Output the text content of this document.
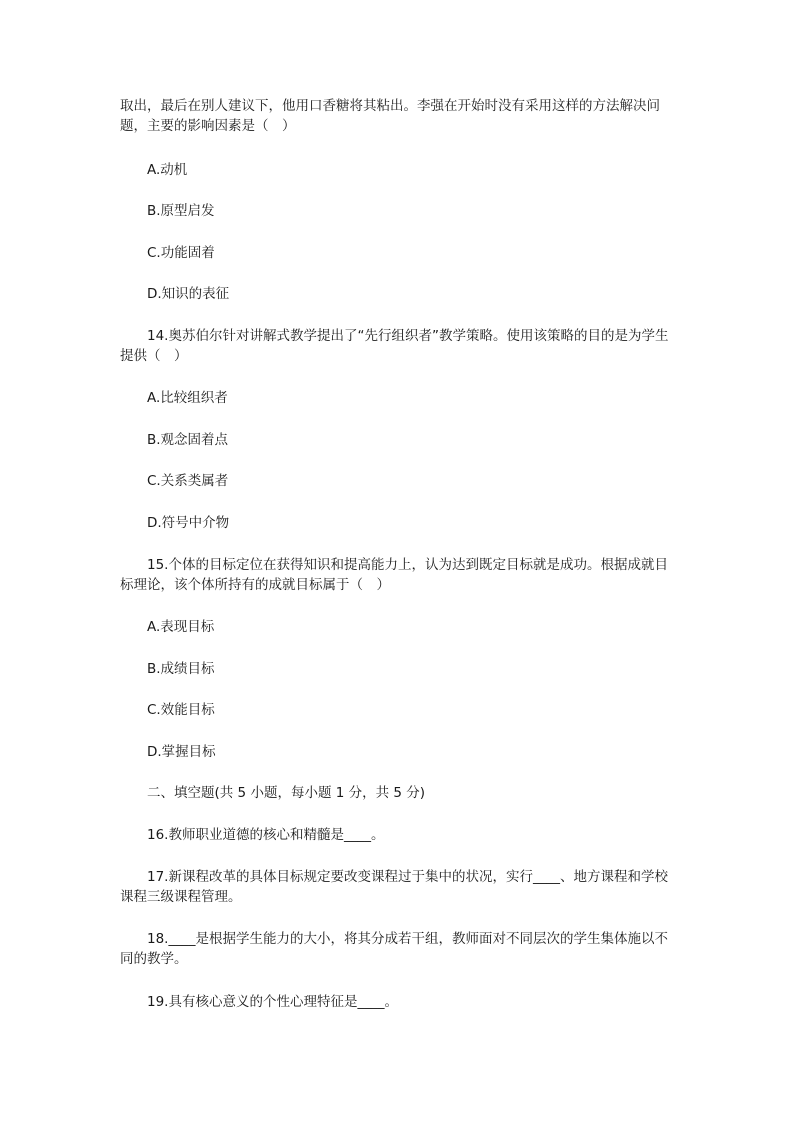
取出，最后在别人建议下，他用口香糖将其粘出。李强在开始时没有采用这样的方法解决问题，主要的影响因素是（　）

A.动机

B.原型启发

C.功能固着

D.知识的表征

14.奥苏伯尔针对讲解式教学提出了“先行组织者”教学策略。使用该策略的目的是为学生提供（　）

A.比较组织者

B.观念固着点

C.关系类属者

D.符号中介物

15.个体的目标定位在获得知识和提高能力上，认为达到既定目标就是成功。根据成就目标理论，该个体所持有的成就目标属于（　）

A.表现目标

B.成绩目标

C.效能目标

D.掌握目标

二、填空题(共 5 小题，每小题 1 分，共 5 分)

16.教师职业道德的核心和精髓是____。

17.新课程改革的具体目标规定要改变课程过于集中的状况，实行____、地方课程和学校课程三级课程管理。

18.____是根据学生能力的大小，将其分成若干组，教师面对不同层次的学生集体施以不同的教学。

19.具有核心意义的个性心理特征是____。
